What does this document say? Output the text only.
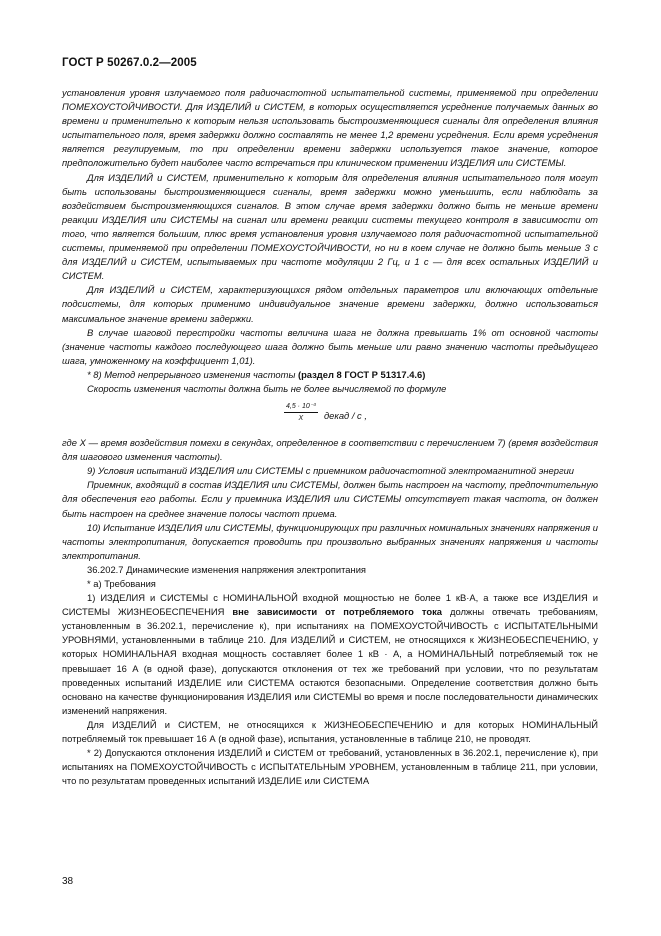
ГОСТ Р 50267.0.2—2005

установления уровня излучаемого поля радиочастотной испытательной системы, применяемой при определении ПОМЕХОУСТОЙЧИВОСТИ. Для ИЗДЕЛИЙ и СИСТЕМ, в которых осуществляется усреднение получаемых данных во времени и применительно к которым нельзя использовать быстроизменяющиеся сигналы для определения влияния испытательного поля, время задержки должно составлять не менее 1,2 времени усреднения. Если время усреднения является регулируемым, то при определении времени задержки используется такое значение, которое предположительно будет наиболее часто встречаться при клиническом применении ИЗДЕЛИЯ или СИСТЕМЫ.

Для ИЗДЕЛИЙ и СИСТЕМ, применительно к которым для определения влияния испытательного поля могут быть использованы быстроизменяющиеся сигналы, время задержки можно уменьшить, если наблюдать за воздействием быстроизменяющихся сигналов. В этом случае время задержки должно быть не меньше времени реакции ИЗДЕЛИЯ или СИСТЕМЫ на сигнал или времени реакции системы текущего контроля в зависимости от того, что является большим, плюс время установления уровня излучаемого поля радиочастотной испытательной системы, применяемой при определении ПОМЕХОУСТОЙЧИВОСТИ, но ни в коем случае не должно быть меньше 3 с для ИЗДЕЛИЙ и СИСТЕМ, испытываемых при частоте модуляции 2 Гц, и 1 с — для всех остальных ИЗДЕЛИЙ и СИСТЕМ.

Для ИЗДЕЛИЙ и СИСТЕМ, характеризующихся рядом отдельных параметров или включающих отдельные подсистемы, для которых применимо индивидуальное значение времени задержки, должно использоваться максимальное значение времени задержки.

В случае шаговой перестройки частоты величина шага не должна превышать 1% от основной частоты (значение частоты каждого последующего шага должно быть меньше или равно значению частоты предыдущего шага, умноженному на коэффициент 1,01).

* 8) Метод непрерывного изменения частоты (раздел 8 ГОСТ Р 51317.4.6)

Скорость изменения частоты должна быть не более вычисляемой по формуле

$\frac{\text{4,5 · 10⁻³}}{X}$ декад / с ,

где X — время воздействия помехи в секундах, определенное в соответствии с перечислением 7) (время воздействия для шагового изменения частоты).

9) Условия испытаний ИЗДЕЛИЯ или СИСТЕМЫ с приемником радиочастотной электромагнитной энергии

Приемник, входящий в состав ИЗДЕЛИЯ или СИСТЕМЫ, должен быть настроен на частоту, предпочтительную для обеспечения его работы. Если у приемника ИЗДЕЛИЯ или СИСТЕМЫ отсутствует такая частота, он должен быть настроен на среднее значение полосы частот приема.

10) Испытание ИЗДЕЛИЯ или СИСТЕМЫ, функционирующих при различных номинальных значениях напряжения и частоты электропитания, допускается проводить при произвольно выбранных значениях напряжения и частоты электропитания.

36.202.7 Динамические изменения напряжения электропитания

* а) Требования

1) ИЗДЕЛИЯ и СИСТЕМЫ с НОМИНАЛЬНОЙ входной мощностью не более 1 кВ·А, а также все ИЗДЕЛИЯ и СИСТЕМЫ ЖИЗНЕОБЕСПЕЧЕНИЯ вне зависимости от потребляемого тока должны отвечать требованиям, установленным в 36.202.1, перечисление к), при испытаниях на ПОМЕХОУСТОЙЧИВОСТЬ с ИСПЫТАТЕЛЬНЫМИ УРОВНЯМИ, установленными в таблице 210. Для ИЗДЕЛИЙ и СИСТЕМ, не относящихся к ЖИЗНЕОБЕСПЕЧЕНИЮ, у которых НОМИНАЛЬНАЯ входная мощность составляет более 1 кВ · А, а НОМИНАЛЬНЫЙ потребляемый ток не превышает 16 А (в одной фазе), допускаются отклонения от тех же требований при условии, что по результатам проведенных испытаний ИЗДЕЛИЕ или СИСТЕМА остаются безопасными. Определение соответствия должно быть основано на качестве функционирования ИЗДЕЛИЯ или СИСТЕМЫ во время и после последовательности динамических изменений напряжения.

Для ИЗДЕЛИЙ и СИСТЕМ, не относящихся к ЖИЗНЕОБЕСПЕЧЕНИЮ и для которых НОМИНАЛЬНЫЙ потребляемый ток превышает 16 А (в одной фазе), испытания, установленные в таблице 210, не проводят.

* 2) Допускаются отклонения ИЗДЕЛИЙ и СИСТЕМ от требований, установленных в 36.202.1, перечисление к), при испытаниях на ПОМЕХОУСТОЙЧИВОСТЬ с ИСПЫТАТЕЛЬНЫМ УРОВНЕМ, установленным в таблице 211, при условии, что по результатам проведенных испытаний ИЗДЕЛИЕ или СИСТЕМА

38
